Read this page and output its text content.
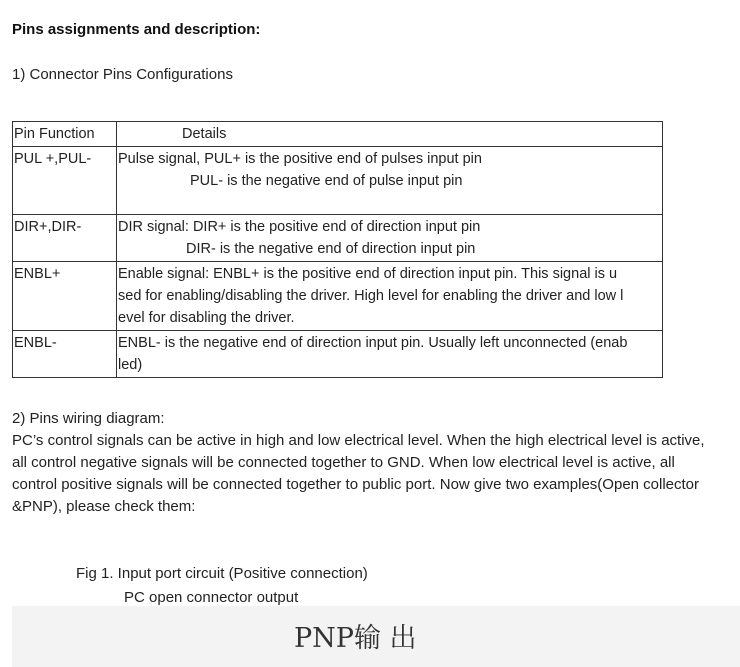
Pins assignments and description:
1) Connector Pins Configurations
Pin Function	Details

PUL +,PUL-	Pulse signal, PUL+ is the positive end of pulses input pin
PUL- is the negative end of pulse input pin

DIR+,DIR-	DIR signal: DIR+ is the positive end of direction input pin
DIR- is the negative end of direction input pin

ENBL+	Enable signal: ENBL+ is the positive end of direction input pin. This signal is u
sed for enabling/disabling the driver. High level for enabling the driver and low l
evel for disabling the driver.

ENBL-	ENBL- is the negative end of direction input pin. Usually left unconnected (enab
led)
2) Pins wiring diagram:
PC’s control signals can be active in high and low electrical level. When the high electrical level is active,
all control negative signals will be connected together to GND. When low electrical level is active, all
control positive signals will be connected together to public port. Now give two examples(Open collector
&PNP), please check them:
Fig 1. Input port circuit (Positive connection)
PC open connector output
PNP输 出
